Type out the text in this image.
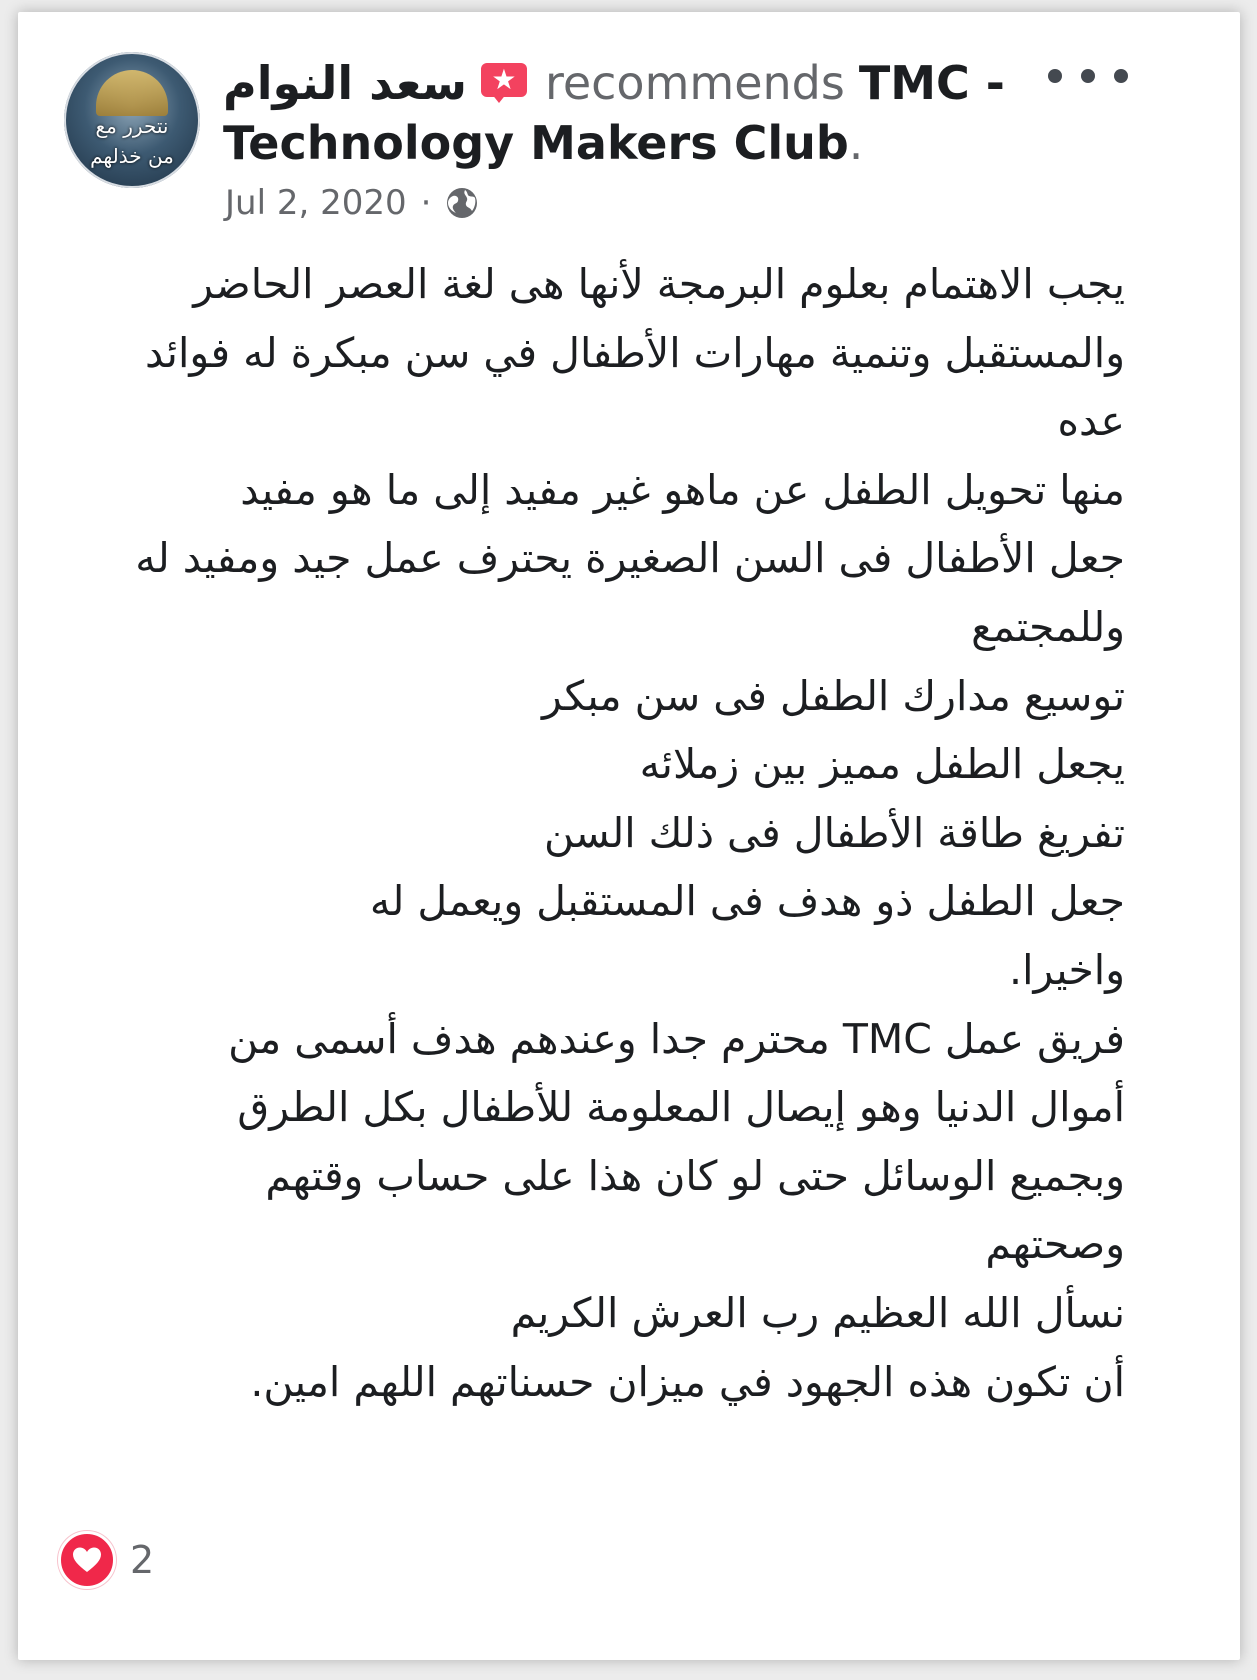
نتحرر مع
من خذلهم
سعد النوام ★ recommends TMC -
Technology Makers Club.
Jul 2, 2020 ·
يجب الاهتمام بعلوم البرمجة لأنها هى لغة العصر الحاضر
والمستقبل وتنمية مهارات الأطفال في سن مبكرة له فوائد
عده
منها تحويل الطفل عن ماهو غير مفيد إلى ما هو مفيد
جعل الأطفال فى السن الصغيرة يحترف عمل جيد ومفيد له
وللمجتمع
توسيع مدارك الطفل فى سن مبكر
يجعل الطفل مميز بين زملائه
تفريغ طاقة الأطفال فى ذلك السن
جعل الطفل ذو هدف فى المستقبل ويعمل له
واخيرا.
فريق عمل TMC محترم جدا وعندهم هدف أسمى من
أموال الدنيا وهو إيصال المعلومة للأطفال بكل الطرق
وبجميع الوسائل حتى لو كان هذا على حساب وقتهم
وصحتهم
نسأل الله العظيم رب العرش الكريم
أن تكون هذه الجهود في ميزان حسناتهم اللهم امين.
2
